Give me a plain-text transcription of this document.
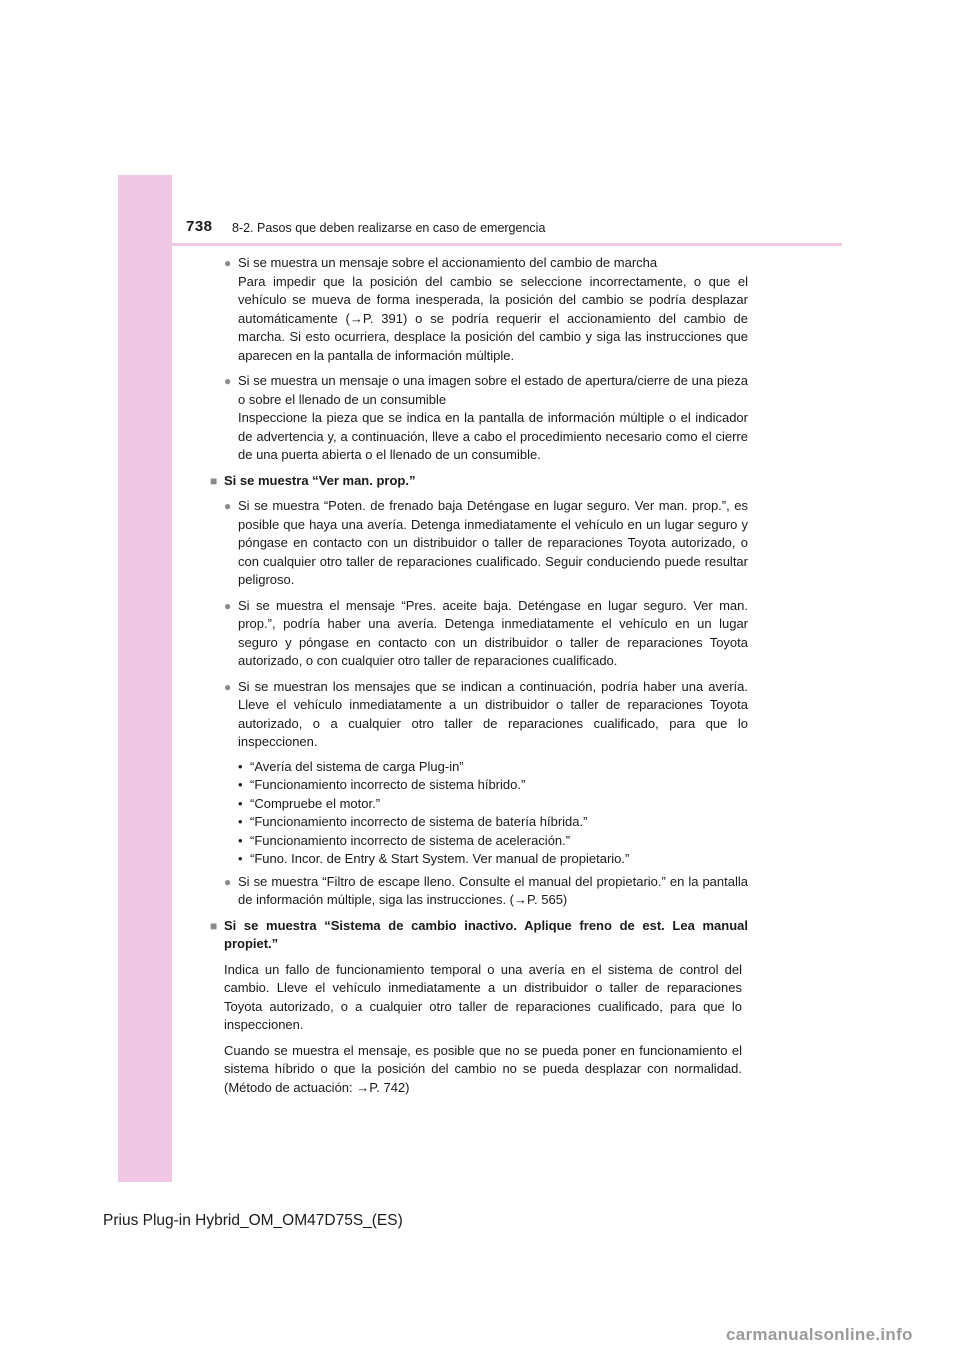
738 8-2. Pasos que deben realizarse en caso de emergencia
● Si se muestra un mensaje sobre el accionamiento del cambio de marcha
Para impedir que la posición del cambio se seleccione incorrectamente, o que el vehículo se mueva de forma inesperada, la posición del cambio se podría desplazar automáticamente (→P. 391) o se podría requerir el accionamiento del cambio de marcha. Si esto ocurriera, desplace la posición del cambio y siga las instrucciones que aparecen en la pantalla de información múltiple.
● Si se muestra un mensaje o una imagen sobre el estado de apertura/cierre de una pieza o sobre el llenado de un consumible
Inspeccione la pieza que se indica en la pantalla de información múltiple o el indicador de advertencia y, a continuación, lleve a cabo el procedimiento necesario como el cierre de una puerta abierta o el llenado de un consumible.
■ Si se muestra “Ver man. prop.”
● Si se muestra “Poten. de frenado baja Deténgase en lugar seguro. Ver man. prop.”, es posible que haya una avería. Detenga inmediatamente el vehículo en un lugar seguro y póngase en contacto con un distribuidor o taller de reparaciones Toyota autorizado, o con cualquier otro taller de reparaciones cualificado. Seguir conduciendo puede resultar peligroso.
● Si se muestra el mensaje “Pres. aceite baja. Deténgase en lugar seguro. Ver man. prop.”, podría haber una avería. Detenga inmediatamente el vehículo en un lugar seguro y póngase en contacto con un distribuidor o taller de reparaciones Toyota autorizado, o con cualquier otro taller de reparaciones cualificado.
● Si se muestran los mensajes que se indican a continuación, podría haber una avería. Lleve el vehículo inmediatamente a un distribuidor o taller de reparaciones Toyota autorizado, o a cualquier otro taller de reparaciones cualificado, para que lo inspeccionen.
• “Avería del sistema de carga Plug-in”
• “Funcionamiento incorrecto de sistema híbrido.”
• “Compruebe el motor.”
• “Funcionamiento incorrecto de sistema de batería híbrida.”
• “Funcionamiento incorrecto de sistema de aceleración.”
• “Funo. Incor. de Entry & Start System. Ver manual de propietario.”
● Si se muestra “Filtro de escape lleno. Consulte el manual del propietario.” en la pantalla de información múltiple, siga las instrucciones. (→P. 565)
■ Si se muestra “Sistema de cambio inactivo. Aplique freno de est. Lea manual propiet.”
Indica un fallo de funcionamiento temporal o una avería en el sistema de control del cambio. Lleve el vehículo inmediatamente a un distribuidor o taller de reparaciones Toyota autorizado, o a cualquier otro taller de reparaciones cualificado, para que lo inspeccionen.
Cuando se muestra el mensaje, es posible que no se pueda poner en funcionamiento el sistema híbrido o que la posición del cambio no se pueda desplazar con normalidad. (Método de actuación: →P. 742)
Prius Plug-in Hybrid_OM_OM47D75S_(ES)
carmanualsonline.info
